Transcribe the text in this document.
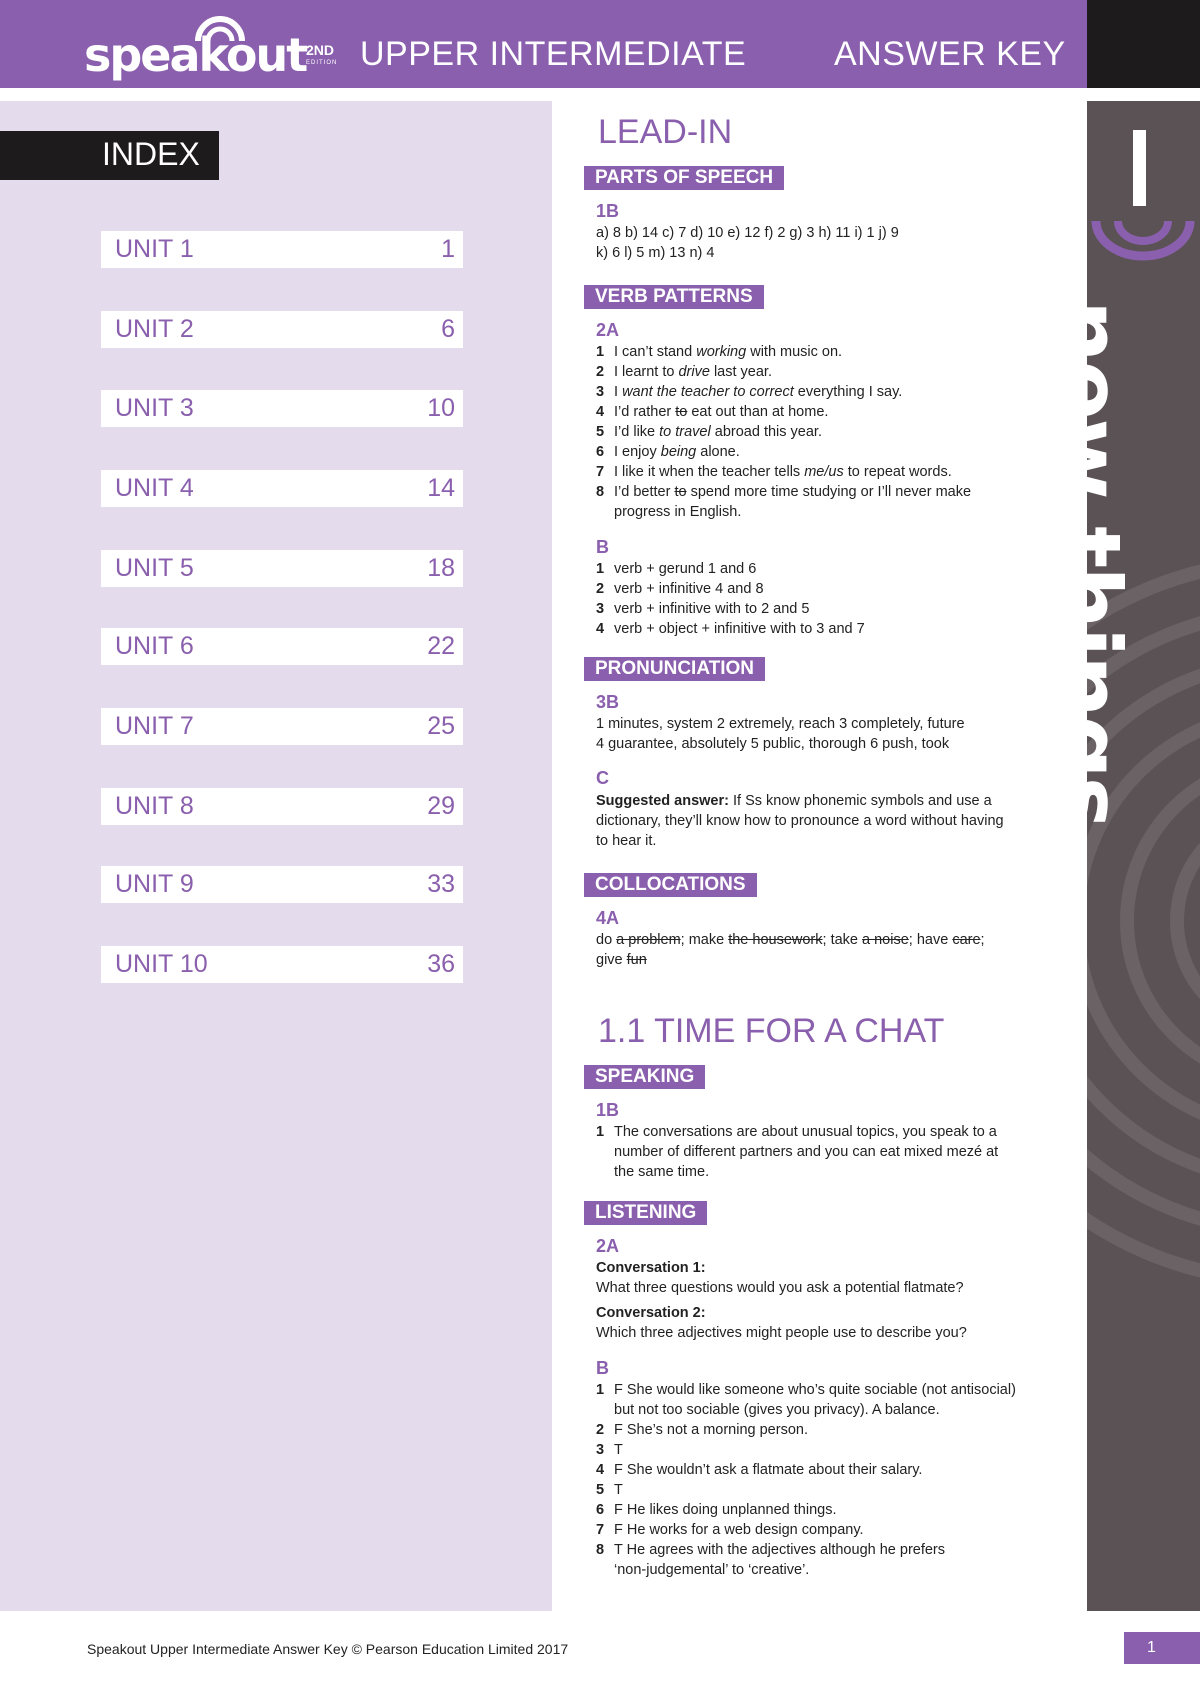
speakout 2ND
EDITION UPPER INTERMEDIATE	ANSWER KEY
INDEX
UNIT 1	1
UNIT 2	6
UNIT 3	10
UNIT 4	14
UNIT 5	18
UNIT 6	22
UNIT 7	25
UNIT 8	29
UNIT 9	33
UNIT 10	36
new things
LEAD-IN
PARTS OF SPEECH
1B
a) 8 b) 14 c) 7 d) 10 e) 12 f) 2 g) 3 h) 11 i) 1 j) 9
k) 6 l) 5 m) 13 n) 4
VERB PATTERNS
2A
1 I can’t stand working with music on.
2 I learnt to drive last year.
3 I want the teacher to correct everything I say.
4 I’d rather to eat out than at home.
5 I’d like to travel abroad this year.
6 I enjoy being alone.
7 I like it when the teacher tells me/us to repeat words.
8 I’d better to spend more time studying or I’ll never make
progress in English.
B
1 verb + gerund 1 and 6
2 verb + infinitive 4 and 8
3 verb + infinitive with to 2 and 5
4 verb + object + infinitive with to 3 and 7
PRONUNCIATION
3B
1 minutes, system 2 extremely, reach 3 completely, future
4 guarantee, absolutely 5 public, thorough 6 push, took
C
Suggested answer: If Ss know phonemic symbols and use a
dictionary, they’ll know how to pronounce a word without having
to hear it.
COLLOCATIONS
4A
do a problem; make the housework; take a noise; have care;
give fun
1.1 TIME FOR A CHAT
SPEAKING
1B
1 The conversations are about unusual topics, you speak to a
number of different partners and you can eat mixed mezé at
the same time.
LISTENING
2A
Conversation 1:
What three questions would you ask a potential flatmate?
Conversation 2:
Which three adjectives might people use to describe you?
B
1 F She would like someone who’s quite sociable (not antisocial)
but not too sociable (gives you privacy). A balance.
2 F She’s not a morning person.
3 T
4 F She wouldn’t ask a flatmate about their salary.
5 T
6 F He likes doing unplanned things.
7 F He works for a web design company.
8 T He agrees with the adjectives although he prefers
‘non-judgemental’ to ‘creative’.
Speakout Upper Intermediate Answer Key © Pearson Education Limited 2017	1
